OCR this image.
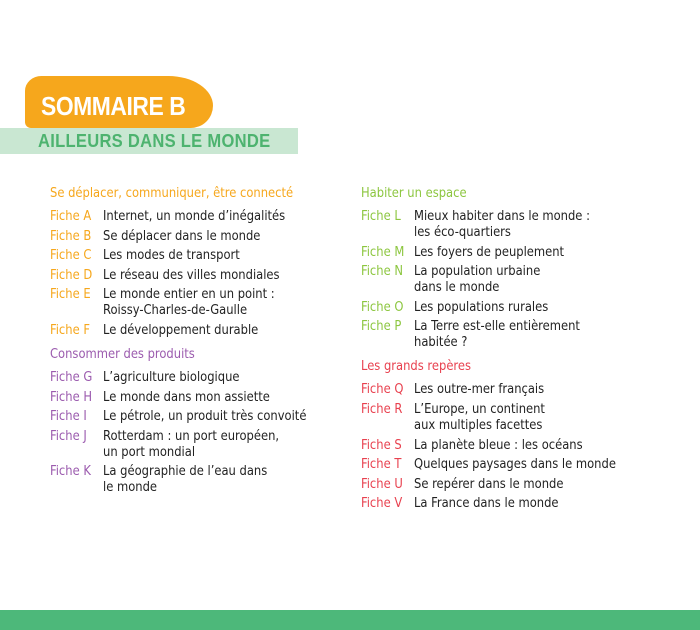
SOMMAIRE B
AILLEURS DANS LE MONDE
Se déplacer, communiquer, être connecté
Fiche A Internet, un monde d’inégalités
Fiche B Se déplacer dans le monde
Fiche C Les modes de transport
Fiche D Le réseau des villes mondiales
Fiche E Le monde entier en un point :
Roissy-Charles-de-Gaulle
Fiche F Le développement durable
Consommer des produits
Fiche G L’agriculture biologique
Fiche H Le monde dans mon assiette
Fiche I	Le pétrole, un produit très convoité
Fiche J	Rotterdam : un port européen,
un port mondial
Fiche K La géographie de l’eau dans
le monde
Habiter un espace
Fiche L Mieux habiter dans le monde :
les éco-quartiers
Fiche M Les foyers de peuplement
Fiche N La population urbaine
dans le monde
Fiche O Les populations rurales
Fiche P La Terre est-elle entièrement
habitée ?
Les grands repères
Fiche Q Les outre-mer français
Fiche R L’Europe, un continent
aux multiples facettes
Fiche S La planète bleue : les océans
Fiche T Quelques paysages dans le monde
Fiche U Se repérer dans le monde
Fiche V La France dans le monde
